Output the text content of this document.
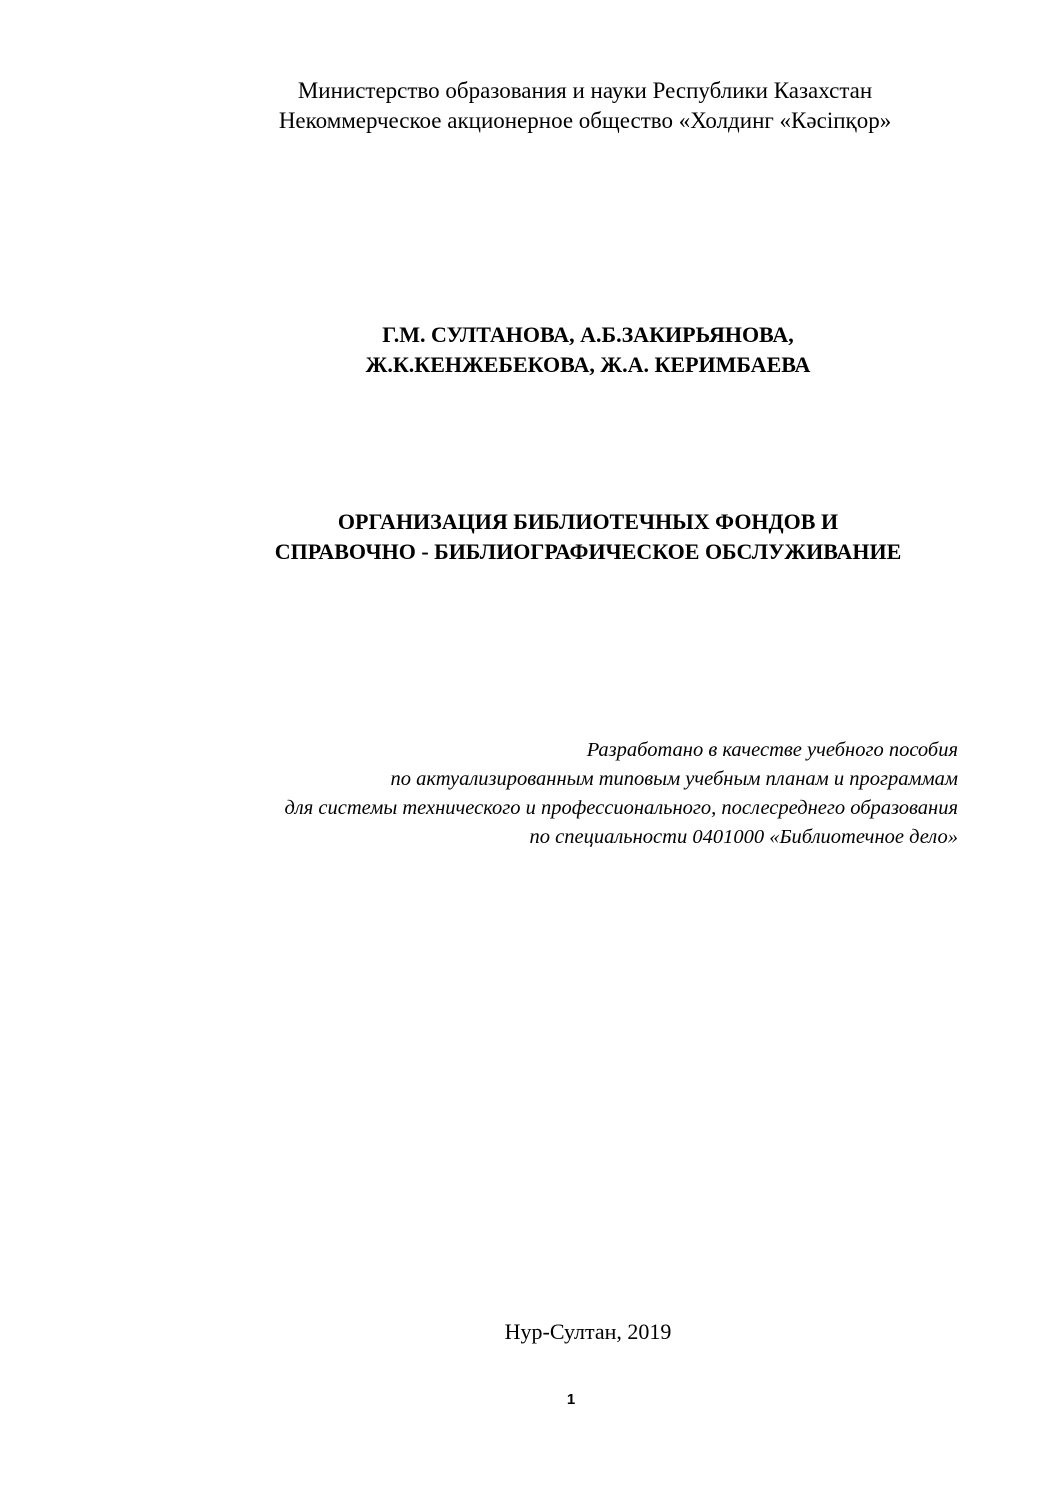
Министерство образования и науки Республики Казахстан
Некоммерческое акционерное общество «Холдинг «Кәсіпқор»
Г.М. СУЛТАНОВА, А.Б.ЗАКИРЬЯНОВА,
Ж.К.КЕНЖЕБЕКОВА, Ж.А. КЕРИМБАЕВА
ОРГАНИЗАЦИЯ БИБЛИОТЕЧНЫХ ФОНДОВ И
СПРАВОЧНО - БИБЛИОГРАФИЧЕСКОЕ ОБСЛУЖИВАНИЕ
Разработано в качестве учебного пособия
по актуализированным типовым учебным планам и программам
для системы технического и профессионального, послесреднего образования
по специальности 0401000 «Библиотечное дело»
Нур-Султан, 2019
1
